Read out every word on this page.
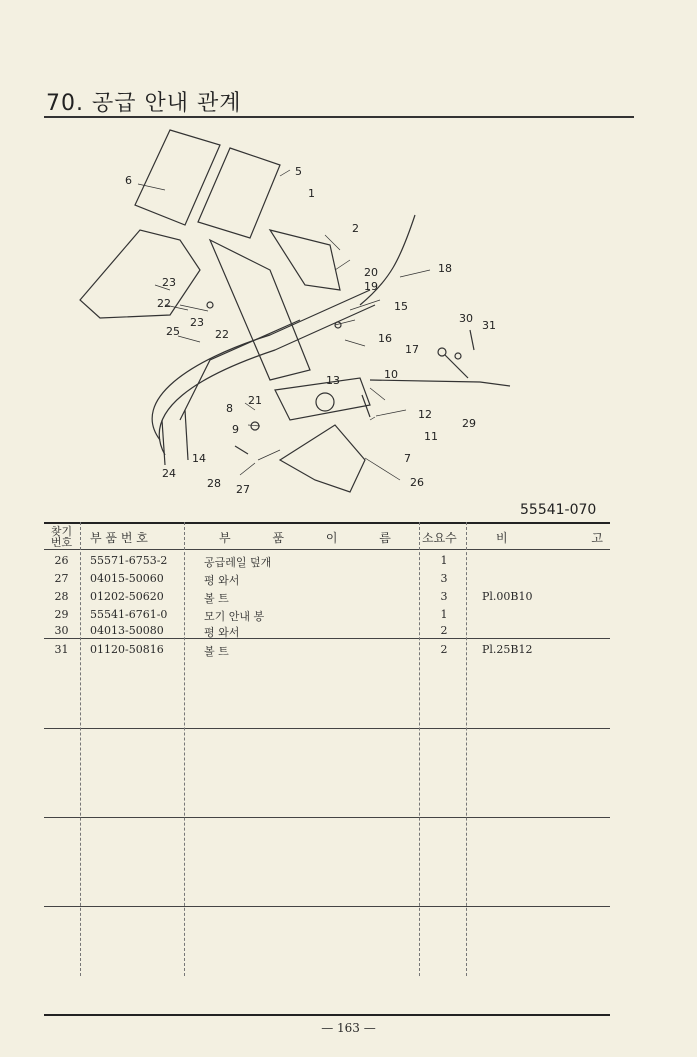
70. 공급 안내 관계
55541-070
찾기
번호	부 품 번 호	부 품 이 름	소요수	비 고
26	55571-6753-2	공급레일 덮개	1
27	04015-50060	평 와서	3
28	01202-50620	볼 트	3	Pl.00B10
29	55541-6761-0	모기 안내 봉	1
30	04013-50080	평 와서	2
31	01120-50816	볼 트	2	Pl.25B12
— 163 —
1
2
5
6
7
9
10
11
12
13
14
15
16
17
18
19
20
21
22
22
23
23
24
25
26
27
28
29
30
31
8
